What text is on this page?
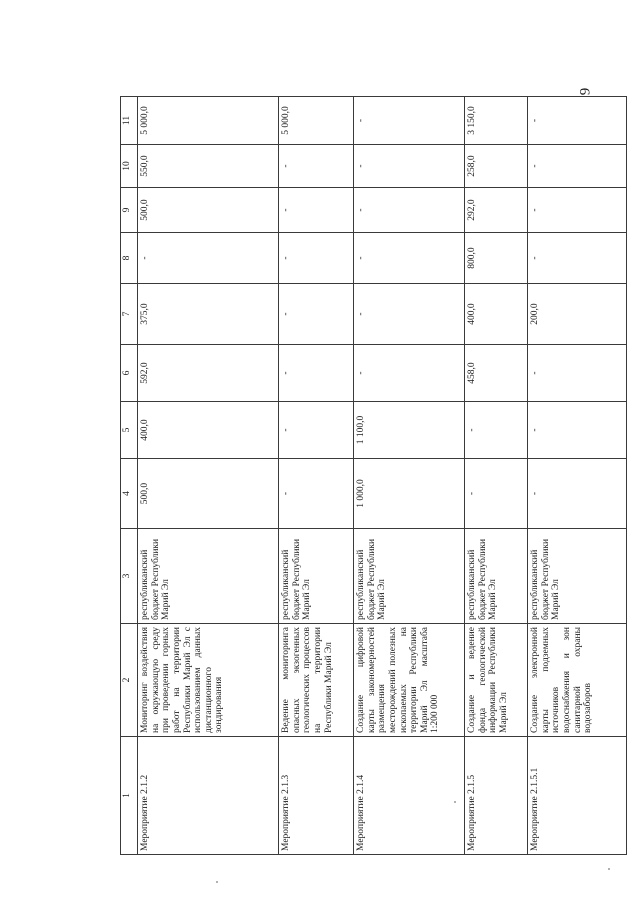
9
1	2	3	4	5	6	7	8	9	10	11
Мероприятие 2.1.2	Мониторинг воздействия на окружающую среду при проведении горных работ на территории Республики Марий Эл с использованием данных дистанционного зондирования	республиканский бюджет Республики Марий Эл	500,0	400,0	592,0	375,0	-	500,0	550,0	5 000,0
Мероприятие 2.1.3	Ведение мониторинга опасных экзогенных геологических процессов на территории Республики Марий Эл	республиканский бюджет Республики Марий Эл	-	-	-	-	-	-	-	5 000,0
Мероприятие 2.1.4	Создание цифровой карты закономерностей размещения месторождений полезных ископаемых на территории Республики Марий Эл масштаба 1:200 000	республиканский бюджет Республики Марий Эл	1 000,0	1 100,0	-	-	-	-	-	-
Мероприятие 2.1.5	Создание и ведение фонда геологической информации Республики Марий Эл	республиканский бюджет Республики Марий Эл	-	-	458,0	400,0	800,0	292,0	258,0	3 150,0
Мероприятие 2.1.5.1	Создание электронной карты подземных источников водоснабжения и зон санитарной охраны водозаборов	республиканский бюджет Республики Марий Эл	-	-	-	200,0	-	-	-	-
